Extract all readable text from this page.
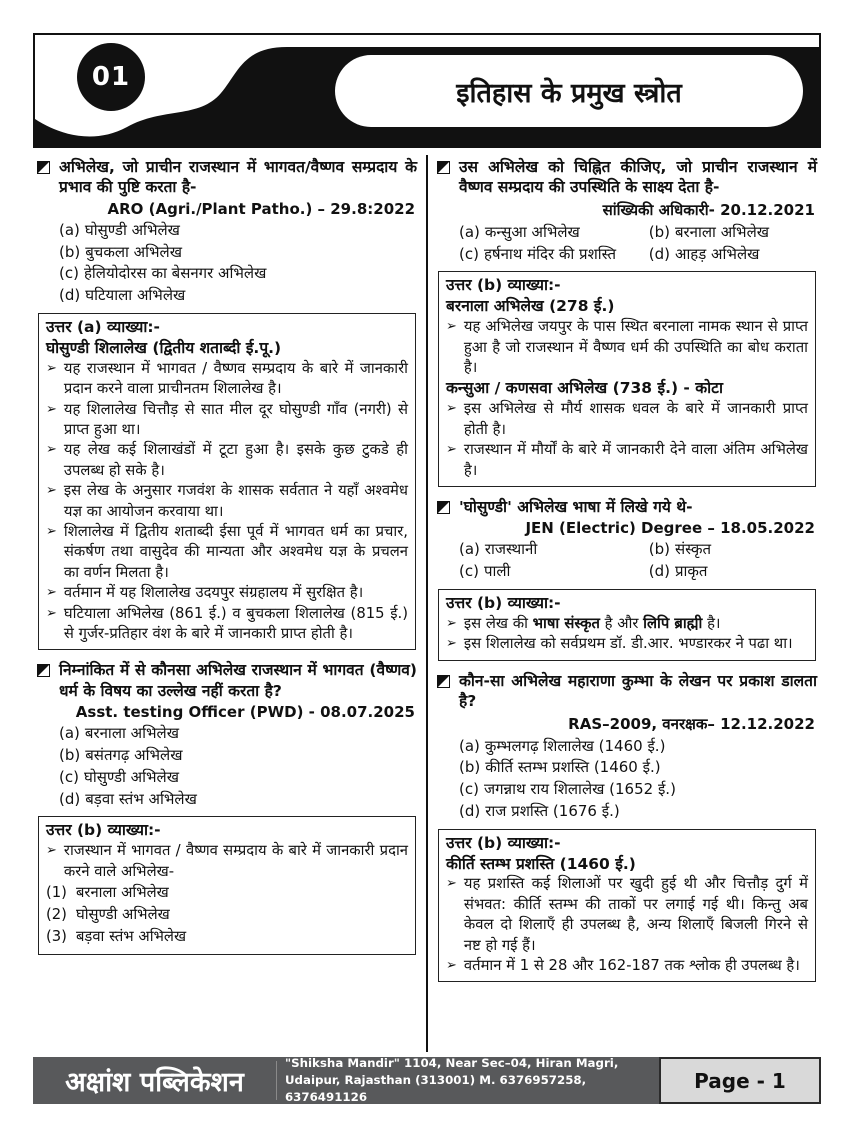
01
इतिहास के प्रमुख स्त्रोत
अभिलेख, जो प्राचीन राजस्थान में भागवत/वैष्णव सम्प्रदाय के प्रभाव की पुष्टि करता है-
ARO (Agri./Plant Patho.) – 29.8:2022
(a) घोसुण्डी अभिलेख
(b) बुचकला अभिलेख
(c) हेलियोदोरस का बेसनगर अभिलेख
(d) घटियाला अभिलेख
उत्तर (a) व्याख्या:-
घोसुण्डी शिलालेख (द्वितीय शताब्दी ई.पू.)
➢ यह राजस्थान में भागवत / वैष्णव सम्प्रदाय के बारे में जानकारी प्रदान करने वाला प्राचीनतम शिलालेख है।
➢ यह शिलालेख चित्तौड़ से सात मील दूर घोसुण्डी गाँव (नगरी) से प्राप्त हुआ था।
➢ यह लेख कई शिलाखंडों में टूटा हुआ है। इसके कुछ टुकडे ही उपलब्ध हो सके है।
➢ इस लेख के अनुसार गजवंश के शासक सर्वतात ने यहाँ अश्वमेध यज्ञ का आयोजन करवाया था।
➢ शिलालेख में द्वितीय शताब्दी ईसा पूर्व में भागवत धर्म का प्रचार, संकर्षण तथा वासुदेव की मान्यता और अश्वमेध यज्ञ के प्रचलन का वर्णन मिलता है।
➢ वर्तमान में यह शिलालेख उदयपुर संग्रहालय में सुरक्षित है।
➢ घटियाला अभिलेख (861 ई.) व बुचकला शिलालेख (815 ई.) से गुर्जर-प्रतिहार वंश के बारे में जानकारी प्राप्त होती है।
निम्नांकित में से कौनसा अभिलेख राजस्थान में भागवत (वैष्णव) धर्म के विषय का उल्लेख नहीं करता है?
Asst. testing Officer (PWD) - 08.07.2025
(a) बरनाला अभिलेख
(b) बसंतगढ़ अभिलेख
(c) घोसुण्डी अभिलेख
(d) बड़वा स्तंभ अभिलेख
उत्तर (b) व्याख्या:-
➢ राजस्थान में भागवत / वैष्णव सम्प्रदाय के बारे में जानकारी प्रदान करने वाले अभिलेख-
(1) बरनाला अभिलेख
(2) घोसुण्डी अभिलेख
(3) बड़वा स्तंभ अभिलेख
उस अभिलेख को चिह्नित कीजिए, जो प्राचीन राजस्थान में वैष्णव सम्प्रदाय की उपस्थिति के साक्ष्य देता है-
सांख्यिकी अधिकारी- 20.12.2021
(a) कन्सुआ अभिलेख	(b) बरनाला अभिलेख
(c) हर्षनाथ मंदिर की प्रशस्ति (d) आहड़ अभिलेख
उत्तर (b) व्याख्या:-
बरनाला अभिलेख (278 ई.)
➢ यह अभिलेख जयपुर के पास स्थित बरनाला नामक स्थान से प्राप्त हुआ है जो राजस्थान में वैष्णव धर्म की उपस्थिति का बोध कराता है।
कन्सुआ / कणसवा अभिलेख (738 ई.) - कोटा
➢ इस अभिलेख से मौर्य शासक धवल के बारे में जानकारी प्राप्त होती है।
➢ राजस्थान में मौर्यों के बारे में जानकारी देने वाला अंतिम अभिलेख है।
'घोसुण्डी' अभिलेख भाषा में लिखे गये थे-
JEN (Electric) Degree – 18.05.2022
(a) राजस्थानी	(b) संस्कृत
(c) पाली	(d) प्राकृत
उत्तर (b) व्याख्या:-
➢ इस लेख की भाषा संस्कृत है और लिपि ब्राह्मी है।
➢ इस शिलालेख को सर्वप्रथम डॉ. डी.आर. भण्डारकर ने पढा था।
कौन-सा अभिलेख महाराणा कुम्भा के लेखन पर प्रकाश डालता है?
RAS–2009, वनरक्षक– 12.12.2022
(a) कुम्भलगढ़ शिलालेख (1460 ई.)
(b) कीर्ति स्तम्भ प्रशस्ति (1460 ई.)
(c) जगन्नाथ राय शिलालेख (1652 ई.)
(d) राज प्रशस्ति (1676 ई.)
उत्तर (b) व्याख्या:-
कीर्ति स्तम्भ प्रशस्ति (1460 ई.)
➢ यह प्रशस्ति कई शिलाओं पर खुदी हुई थी और चित्तौड़ दुर्ग में संभवत: कीर्ति स्तम्भ की ताकों पर लगाई गई थी। किन्तु अब केवल दो शिलाएँ ही उपलब्ध है, अन्य शिलाएँ बिजली गिरने से नष्ट हो गई हैं।
➢ वर्तमान में 1 से 28 और 162-187 तक श्लोक ही उपलब्ध है।
अक्षांश पब्लिकेशन
"Shiksha Mandir" 1104, Near Sec–04, Hiran Magri,
Udaipur, Rajasthan (313001) M. 6376957258, 6376491126
Page - 1
